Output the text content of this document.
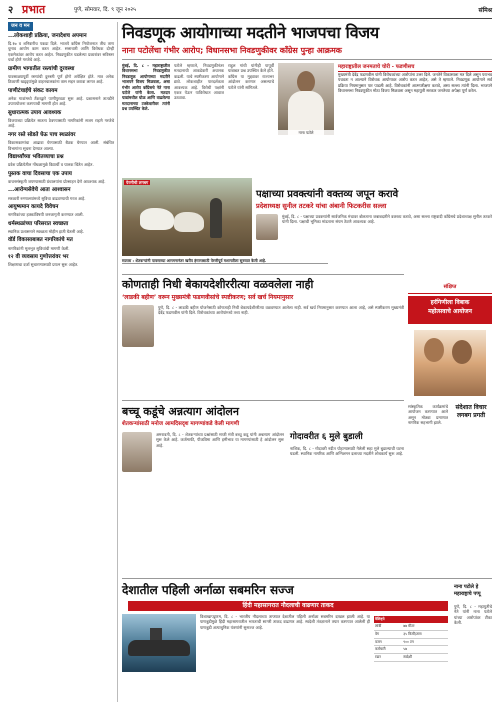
२ प्रभात	पुणे, सोमवार, दि. ९ जून २०२५	संमिश्र
जन व मन
...लोकशाही प्रक्रिया, जनादेशच अपमान

दि.१७ व शनिवारीच पकडा दिले. भाजपे काँग्रेस नियोजनात तीच ताण चुनाव आयोग काम करत आहेत. सत्ताधारी आणि विरोधक दोन्ही एकमेकांवर आरोप करत आहेत. निवडणुकीत घडलेल्या प्रकारांवर सविस्तर चर्चा होणे गरजेचे आहे.

ग्रामीण भागातील रस्त्यांची दुरवस्था

पावसाळ्यापूर्वी रस्त्यांची दुरुस्ती पूर्ण होणे अपेक्षित होते. मात्र अनेक ठिकाणी खड्ड्यांमुळे वाहनचालकांना त्रास सहन करावा लागत आहे.

पाणीटंचाईचे संकट कायम

अनेक गावांमध्ये टँकरद्वारे पाणीपुरवठा सुरू आहे. प्रशासनाने तातडीने उपाययोजना करण्याची मागणी होत आहे.

सुधारात्मक उपाय आवश्यक

विजयाच्या प्रक्रियेत सातत्य ठेवण्यासाठी नागरिकांनी सजग राहणे गरजेचे आहे.

नगर रस्ते सोडते घेऊ पाच स्थळांवर

विकासकामांचा आढावा घेण्यासाठी बैठक घेण्यात आली. संबंधित विभागांना सूचना देण्यात आल्या.

विद्यार्थ्यांच्या भवितव्याचा प्रश्न

प्रवेश प्रक्रियेतील गोंधळामुळे विद्यार्थी व पालक चिंतेत आहेत.

पुस्तक वाचा दिवसाचा एक उपाय

वाचनसंस्कृती जपण्यासाठी ग्रंथालयांना प्रोत्साहन देणे आवश्यक आहे.

...आरोग्यसेवेचे आता आश्वासन

सरकारी रुग्णालयांमध्ये सुविधा वाढवण्याची गरज आहे.

आयुष्यमान कायदे विवेचन

नागरिकांच्या हक्कांविषयी जनजागृती करण्यात आली.

धर्मस्थळांच्या परिसरात स्वच्छता

स्थानिक प्रशासनाने स्वच्छता मोहीम हाती घेतली आहे.

वॉर्ड विकासाबाबत नागरिकांचे मत

नागरिकांनी मूलभूत सुविधांची मागणी केली.

१२ वी व्यवसाय गुणोत्तरांवर भर

शिक्षणाचा दर्जा सुधारण्यासाठी प्रयत्न सुरू आहेत.

निवडणूक आयोगाच्या मदतीने भाजपचा विजय
नाना पटोलेंचा गंभीर आरोप; विधानसभा निवडणुकीवर काँग्रेस पुन्हा आक्रमक

मुंबई, दि. ८ - महाराष्ट्रातील विधानसभा निवडणुकीत निवडणूक आयोगाच्या मदतीने भाजपने विजय मिळवला, असा गंभीर आरोप काँग्रेसचे नेते नाना पटोले यांनी केला. मतदार याद्यांमधील घोळ आणि वाढलेल्या मतदानाच्या टक्केवारीवर त्यांनी प्रश्न उपस्थित केले.

पटोले म्हणाले, निवडणुकीनंतर मतदानाची आकडेवारी अचानक वाढली. याचे स्पष्टीकरण आयोगाने द्यावे. लोकशाहीत पारदर्शकता आवश्यक आहे. विरोधी पक्षांनी एकत्र येऊन याविरोधात आवाज उठवावा.

राहुल गांधी यांनीही यापूर्वी याबाबत प्रश्न उपस्थित केले होते. काँग्रेस या मुद्द्यावर राज्यभर आंदोलन करणार असल्याचे पटोले यांनी सांगितले.

नाना पटोले
महाराष्ट्रातील जनमताचे चोरी - फडणीसच

मुख्यमंत्री देवेंद्र फडणवीस यांनी विरोधकांच्या आरोपांना उत्तर दिले. जनतेने विकासाला मत दिले असून पराभव पचवता न आल्याने विरोधक आयोगावर आरोप करत आहेत, असे ते म्हणाले. निवडणूक आयोगाने सर्व प्रक्रिया नियमानुसार पार पाडली आहे. विरोधकांनी आत्मपरीक्षण करावे, असा सल्ला त्यांनी दिला. भाजपने विधानसभा निवडणुकीत मोठा विजय मिळवला असून महायुती सरकार जनतेच्या अपेक्षा पूर्ण करेल.

पेरणीची लगबग
सातारा : शेतकऱ्यांनी पावसाच्या आगमनानंतर खरीप हंगामासाठी पेरणीपूर्व मशागतीला सुरुवात केली आहे.
पक्षाच्या प्रवक्त्यांनी वक्तव्य जपून करावे
प्रदेशाध्यक्ष सुनील तटकरे यांचा अंबानी फिटकरीस सल्ला

मुंबई, दि. ८ - पक्षाच्या प्रवक्त्यांनी सार्वजनिक मंचावर बोलताना जबाबदारीने वक्तव्य करावे, असा सल्ला राष्ट्रवादी काँग्रेसचे प्रदेशाध्यक्ष सुनील तटकरे यांनी दिला. पक्षाची भूमिका मांडताना संयम ठेवणे आवश्यक आहे.

कोणताही निधी बेकायदेशीररीत्या वळवलेला नाही
‘लाडकी बहीण’ वरून मुख्यमंत्री फडणवीसांचे स्पष्टीकरण; सर्व खर्च नियमानुसार

पुणे, दि. ८ - लाडकी बहीण योजनेसाठी कोणताही निधी बेकायदेशीररीत्या वळवण्यात आलेला नाही. सर्व खर्च नियमानुसार करण्यात आला आहे, असे स्पष्टीकरण मुख्यमंत्री देवेंद्र फडणवीस यांनी दिले. विरोधकांच्या आरोपांमध्ये तथ्य नाही.

संक्षिप्त
हरंगिणीला विबाक
महोत्सवाचे आयोजन
संदेशात विचार लगबग प्रगती

सांस्कृतिक कार्यक्रमांचे आयोजन करण्यात आले असून मोठ्या प्रमाणात नागरिक सहभागी झाले.

बच्चू कडूंचे अन्नत्याग आंदोलन
शेतकऱ्यांसाठी मनोज आमदिसदृश मागण्यांकडे केली मागणी

अमरावती, दि. ८ - शेतकऱ्यांच्या प्रश्नांसाठी माजी मंत्री बच्चू कडू यांनी अन्नत्याग आंदोलन सुरू केले आहे. कर्जमाफी, पीकविमा आणि हमीभाव या मागण्यांसाठी हे आंदोलन सुरू आहे.

गोदावरीत ६ मुले बुडाली

नाशिक, दि. ८ - गोदावरी नदीत पोहण्यासाठी गेलेली सहा मुले बुडाल्याची घटना घडली. स्थानिक नागरिक आणि अग्निशमन दलाच्या मदतीने शोधकार्य सुरू आहे.

देशातील पहिली अर्नाळा सबमरिन सज्ज
हिंदी महासागरात नौदलाची वाढणार ताकद

विशाखापट्टणम, दि. ८ - भारतीय नौदलाच्या ताफ्यात देशातील पहिली अर्नाळा सबमरिन दाखल झाली आहे. या पाणबुडीमुळे हिंदी महासागरातील भारताची सागरी ताकद वाढणार आहे. स्वदेशी तंत्रज्ञानाने तयार करण्यात आलेली ही पाणबुडी अत्याधुनिक यंत्रणांनी सुसज्ज आहे.

वैशिष्ट्ये	
लांबी	७७ मीटर
वेग	३५ किमी/तास
वजन	९०० टन
कर्मचारी	५७
रडार	स्वदेशी
नाना पटोले हे महाराष्ट्राचे पप्पू

पुणे, दि. ८ - महायुतीचे नेते यांनी नाना पटोले यांच्या आरोपांवर टीका केली.
